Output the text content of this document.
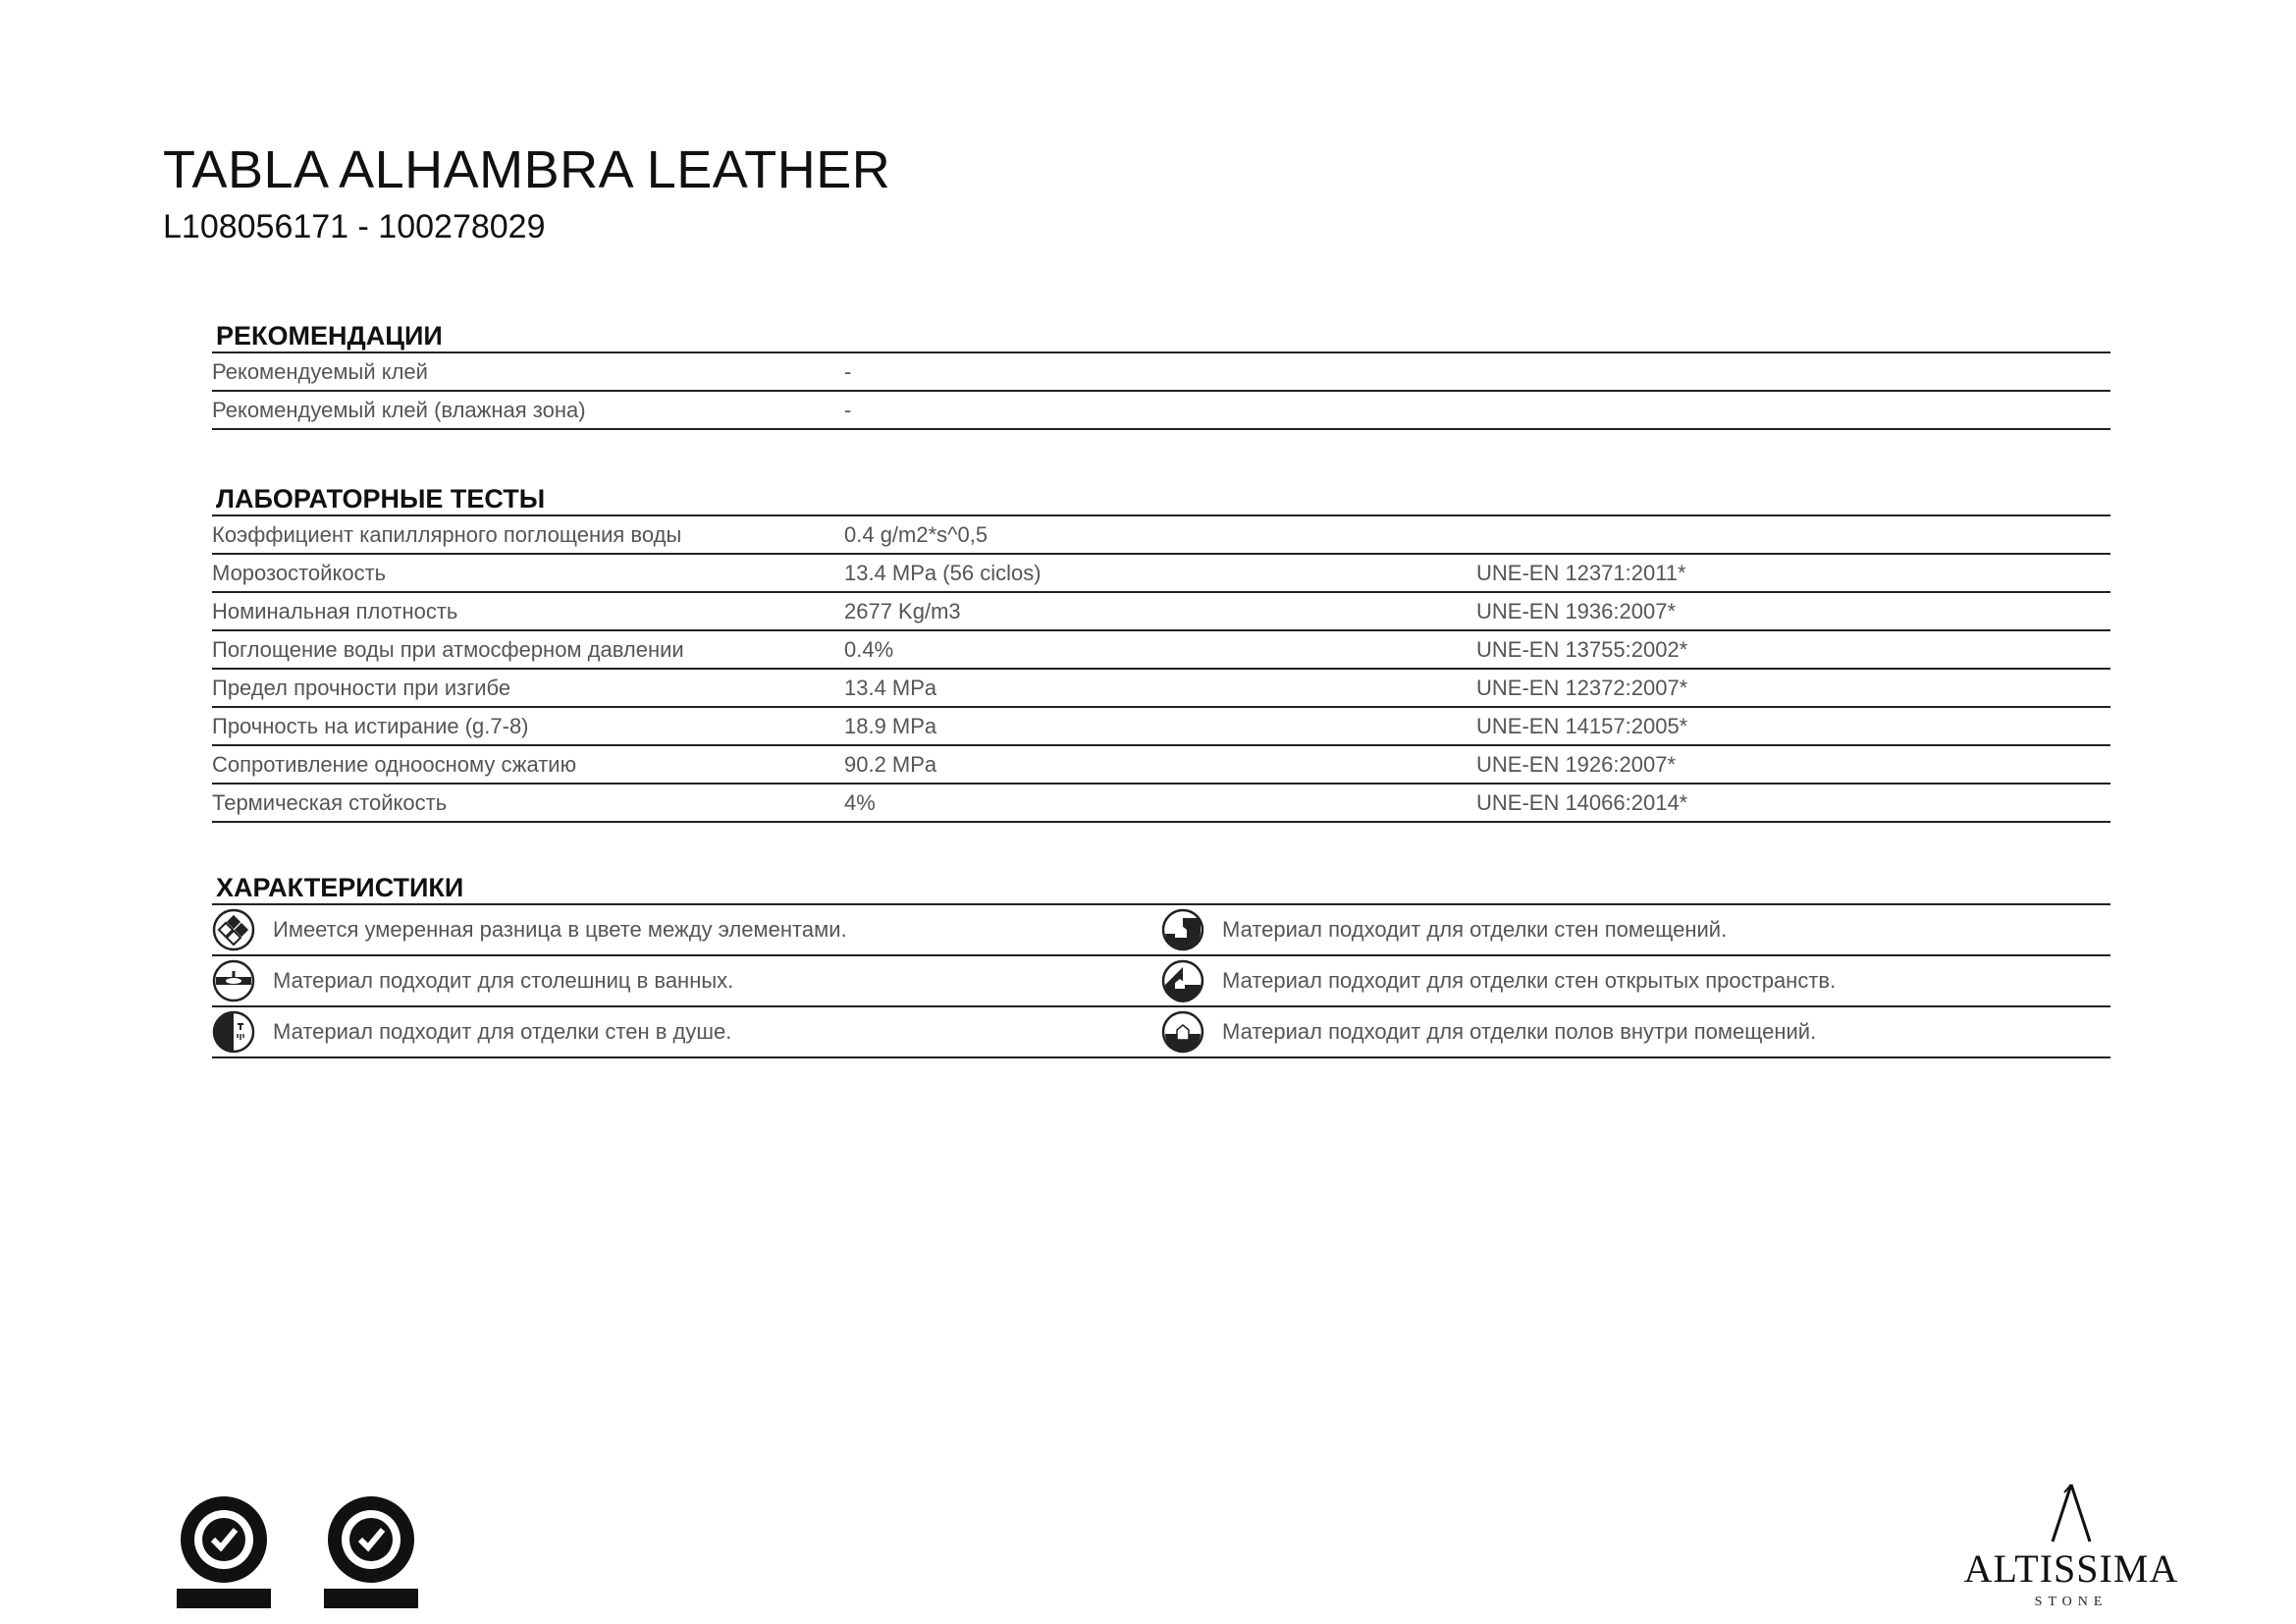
TABLA ALHAMBRA LEATHER
L108056171 - 100278029
РЕКОМЕНДАЦИИ
Рекомендуемый клей	-
Рекомендуемый клей (влажная зона)	-
ЛАБОРАТОРНЫЕ ТЕСТЫ
Коэффициент капиллярного поглощения воды	0.4 g/m2*s^0,5
Морозостойкость	13.4 MPa (56 ciclos)	UNE-EN 12371:2011*
Номинальная плотность	2677 Kg/m3	UNE-EN 1936:2007*
Поглощение воды при атмосферном давлении	0.4%	UNE-EN 13755:2002*
Предел прочности при изгибе	13.4 MPa	UNE-EN 12372:2007*
Прочность на истирание (g.7-8)	18.9 MPa	UNE-EN 14157:2005*
Сопротивление одноосному сжатию	90.2 MPa	UNE-EN 1926:2007*
Термическая стойкость	4%	UNE-EN 14066:2014*
ХАРАКТЕРИСТИКИ
Имеется умеренная разница в цвете между элементами.	Материал подходит для отделки стен помещений.
Материал подходит для столешниц в ванных.	Материал подходит для отделки стен открытых пространств.
Материал подходит для отделки стен в душе.	Материал подходит для отделки полов внутри помещений.
ALTISSIMA
STONE
